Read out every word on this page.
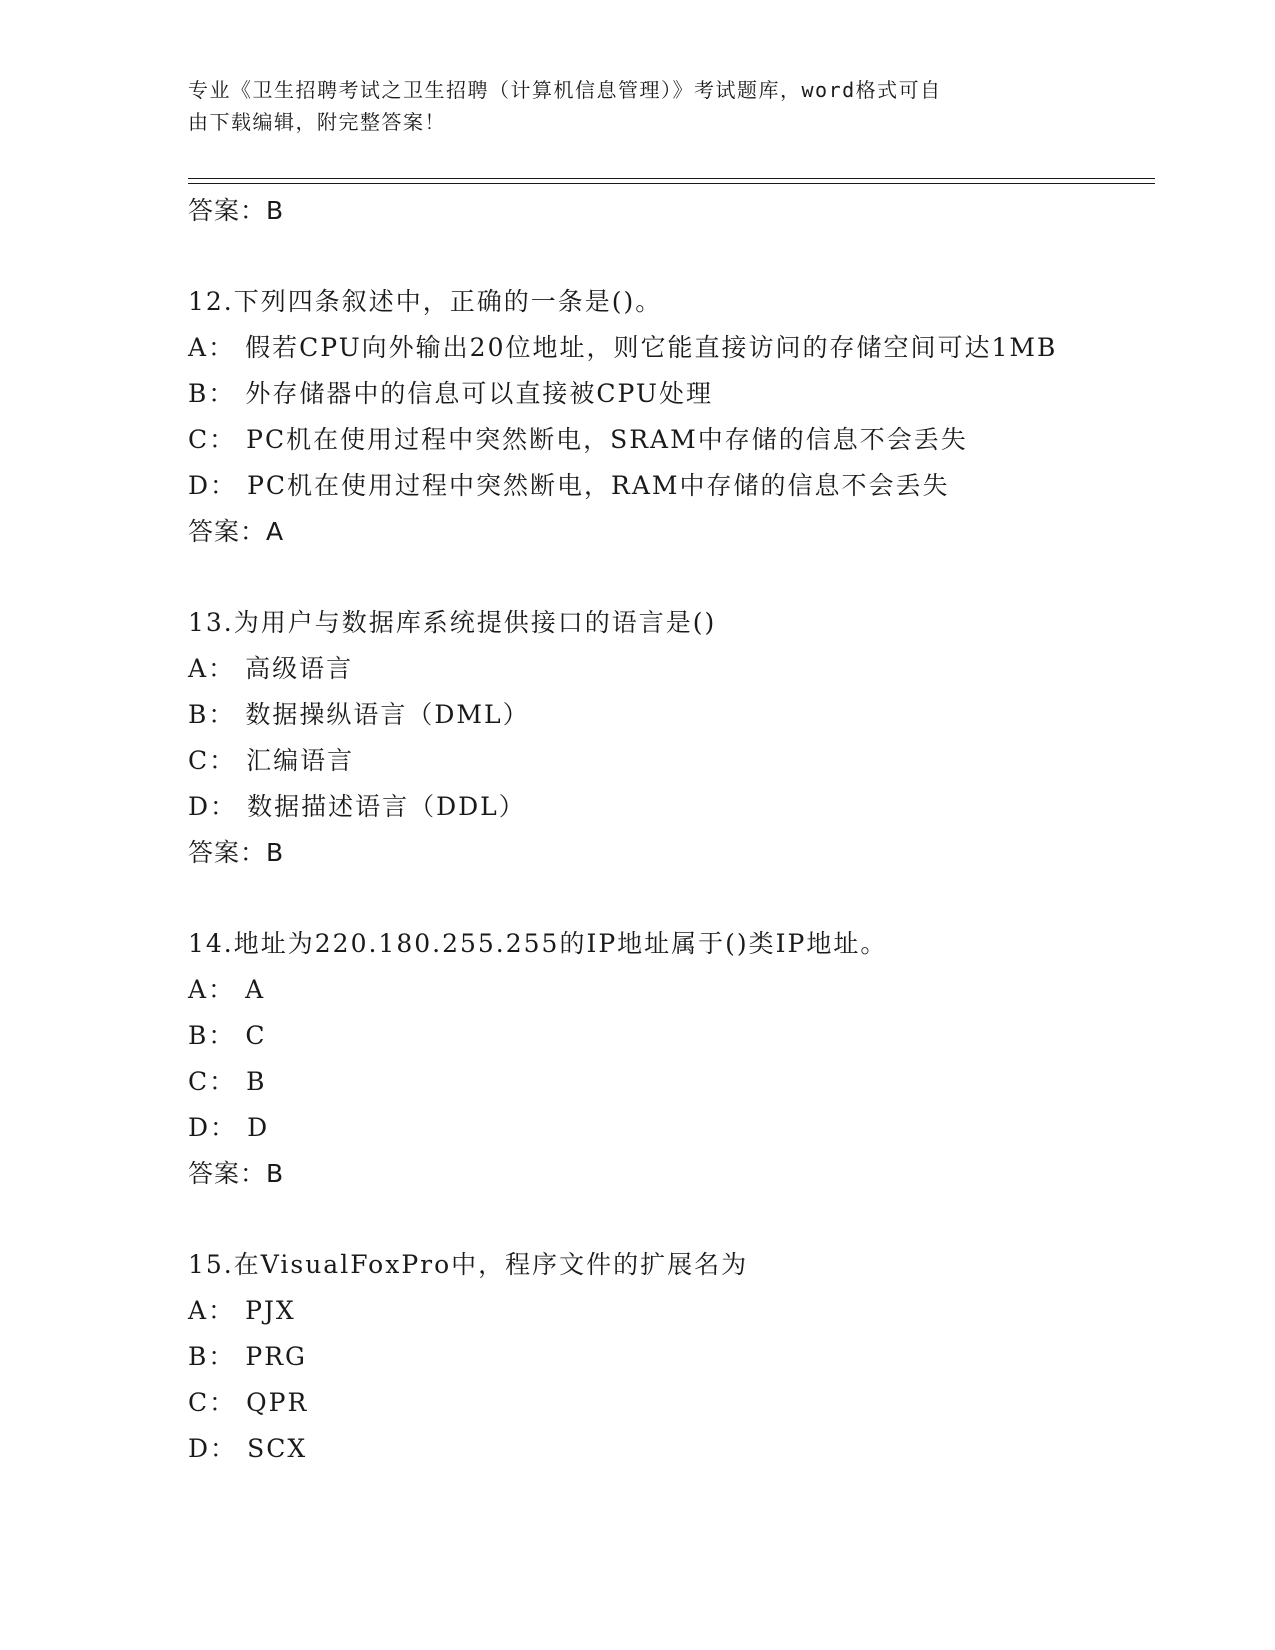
专业《卫生招聘考试之卫生招聘（计算机信息管理）》考试题库，word格式可自
由下载编辑，附完整答案！
答案：B
12.下列四条叙述中，正确的一条是()。
A： 假若CPU向外输出20位地址，则它能直接访问的存储空间可达1MB
B： 外存储器中的信息可以直接被CPU处理
C： PC机在使用过程中突然断电，SRAM中存储的信息不会丢失
D： PC机在使用过程中突然断电，RAM中存储的信息不会丢失
答案：A
13.为用户与数据库系统提供接口的语言是()
A： 高级语言
B： 数据操纵语言（DML）
C： 汇编语言
D： 数据描述语言（DDL）
答案：B
14.地址为220.180.255.255的IP地址属于()类IP地址。
A： A
B： C
C： B
D： D
答案：B
15.在VisualFoxPro中，程序文件的扩展名为
A： PJX
B： PRG
C： QPR
D： SCX
